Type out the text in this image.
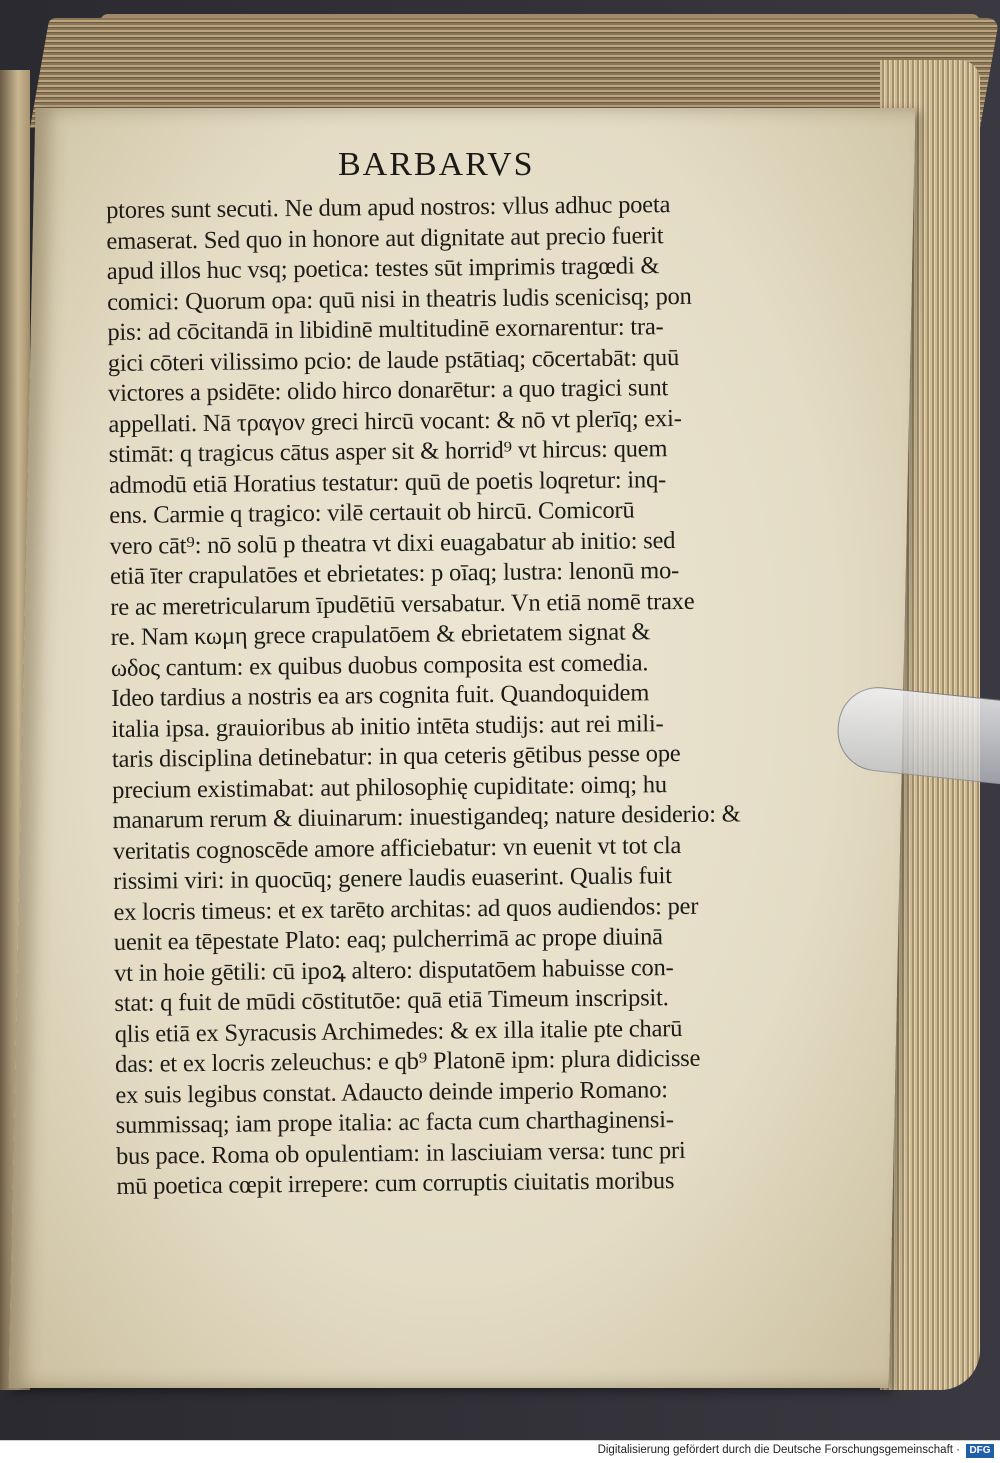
BARBARVS
ptores sunt secuti. Ne dum apud nostros: vllus adhuc poeta
emaserat. Sed quo in honore aut dignitate aut precio fuerit
apud illos huc vsq; poetica: testes sūt imprimis tragœdi &
comici: Quorum opa: quū nisi in theatris ludis scenicisq; pon
pis: ad cōcitandā in libidinē multitudinē exornarentur: tra-
gici cōteri vilissimo pcio: de laude pstātiaq; cōcertabāt: quū
victores a psidēte: olido hirco donarētur: a quo tragici sunt
appellati. Nā τραγον greci hircū vocant: & nō vt plerīq; exi-
stimāt: q tragicus cātus asper sit & horrid⁹ vt hircus: quem
admodū etiā Horatius testatur: quū de poetis loqretur: inq-
ens. Carmie q tragico: vilē certauit ob hircū. Comicorū
vero cāt⁹: nō solū p theatra vt dixi euagabatur ab initio: sed
etiā īter crapulatōes et ebrietates: p oīaq; lustra: lenonū mo-
re ac meretricularum īpudētiū versabatur. Vn etiā nomē traxe
re. Nam κωμη grece crapulatōem & ebrietatem signat &
ωδος cantum: ex quibus duobus composita est comedia.
Ideo tardius a nostris ea ars cognita fuit. Quandoquidem
italia ipsa. grauioribus ab initio intēta studijs: aut rei mili-
taris disciplina detinebatur: in qua ceteris gētibus pesse ope
precium existimabat: aut philosophię cupiditate: oimq; hu
manarum rerum & diuinarum: inuestigandeq; nature desiderio: &
veritatis cognoscēde amore afficiebatur: vn euenit vt tot cla
rissimi viri: in quocūq; genere laudis euaserint. Qualis fuit
ex locris timeus: et ex tarēto architas: ad quos audiendos: per
uenit ea tēpestate Plato: eaq; pulcherrimā ac prope diuinā
vt in hoie gētili: cū ipoꝝ altero: disputatōem habuisse con-
stat: q fuit de mūdi cōstitutōe: quā etiā Timeum inscripsit.
qlis etiā ex Syracusis Archimedes: & ex illa italie pte charū
das: et ex locris zeleuchus: e qb⁹ Platonē ipm: plura didicisse
ex suis legibus constat. Adaucto deinde imperio Romano:
summissaq; iam prope italia: ac facta cum charthaginensi-
bus pace. Roma ob opulentiam: in lasciuiam versa: tunc pri
mū poetica cœpit irrepere: cum corruptis ciuitatis moribus
Digitalisierung gefördert durch die Deutsche Forschungsgemeinschaft · DFG
